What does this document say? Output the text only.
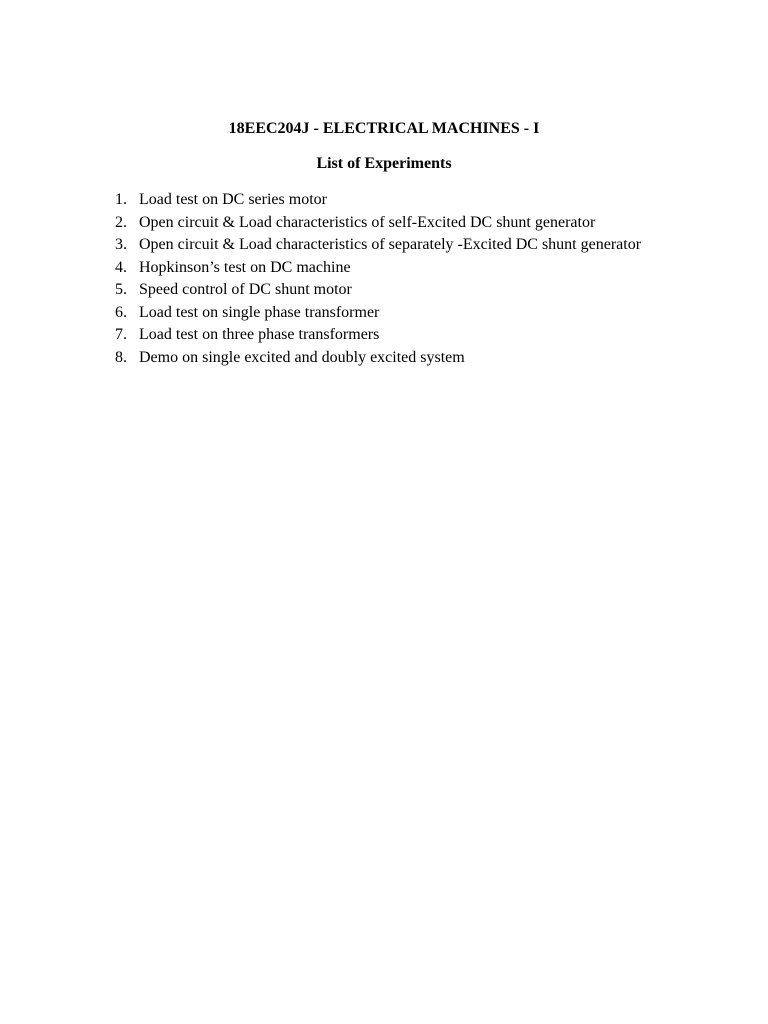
18EEC204J - ELECTRICAL MACHINES - I

List of Experiments

1. Load test on DC series motor
2. Open circuit & Load characteristics of self-Excited DC shunt generator
3. Open circuit & Load characteristics of separately -Excited DC shunt generator
4. Hopkinson’s test on DC machine
5. Speed control of DC shunt motor
6. Load test on single phase transformer
7. Load test on three phase transformers
8. Demo on single excited and doubly excited system
